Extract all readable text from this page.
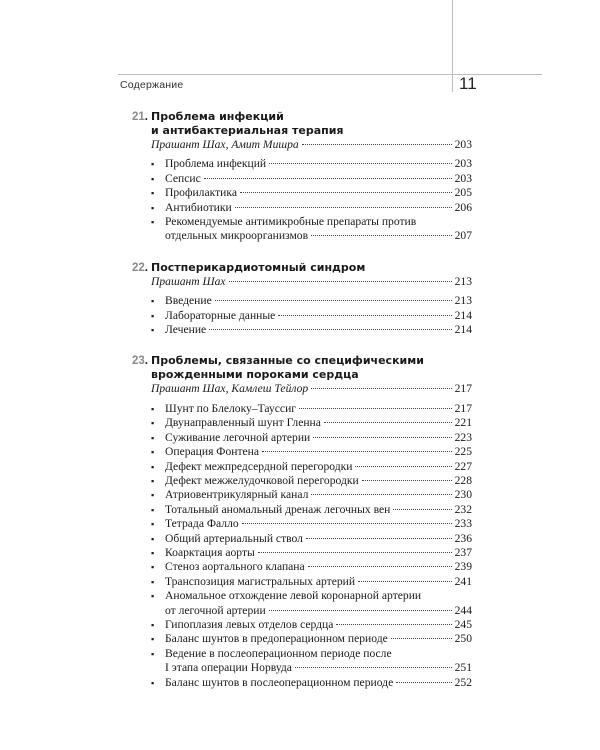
Содержание	11
21. Проблема инфекций
и антибактериальная терапия
Прашант Шах, Амит Мишра	203
▪ Проблема инфекций	203
▪ Сепсис	203
▪ Профилактика	205
▪ Антибиотики	206
▪ Рекомендуемые антимикробные препараты против
отдельных микроорганизмов	207
22. Постперикардиотомный синдром
Прашант Шах	213
▪ Введение	213
▪ Лабораторные данные	214
▪ Лечение	214
23. Проблемы, связанные со специфическими
врожденными пороками сердца
Прашант Шах, Камлеш Тейлор	217
▪ Шунт по Блелоку–Таусcиг	217
▪ Двунаправленный шунт Гленна	221
▪ Суживание легочной артерии	223
▪ Операция Фонтена	225
▪ Дефект межпредсердной перегородки	227
▪ Дефект межжелудочковой перегородки	228
▪ Атриовентрикулярный канал	230
▪ Тотальный аномальный дренаж легочных вен	232
▪ Тетрада Фалло	233
▪ Общий артериальный ствол	236
▪ Коарктация аорты	237
▪ Стеноз аортального клапана	239
▪ Транспозиция магистральных артерий	241
▪ Аномальное отхождение левой коронарной артерии
от легочной артерии	244
▪ Гипоплазия левых отделов сердца	245
▪ Баланс шунтов в предоперационном периоде	250
▪ Ведение в послеоперационном периоде после
I этапа операции Норвуда	251
▪ Баланс шунтов в послеоперационном периоде	252
